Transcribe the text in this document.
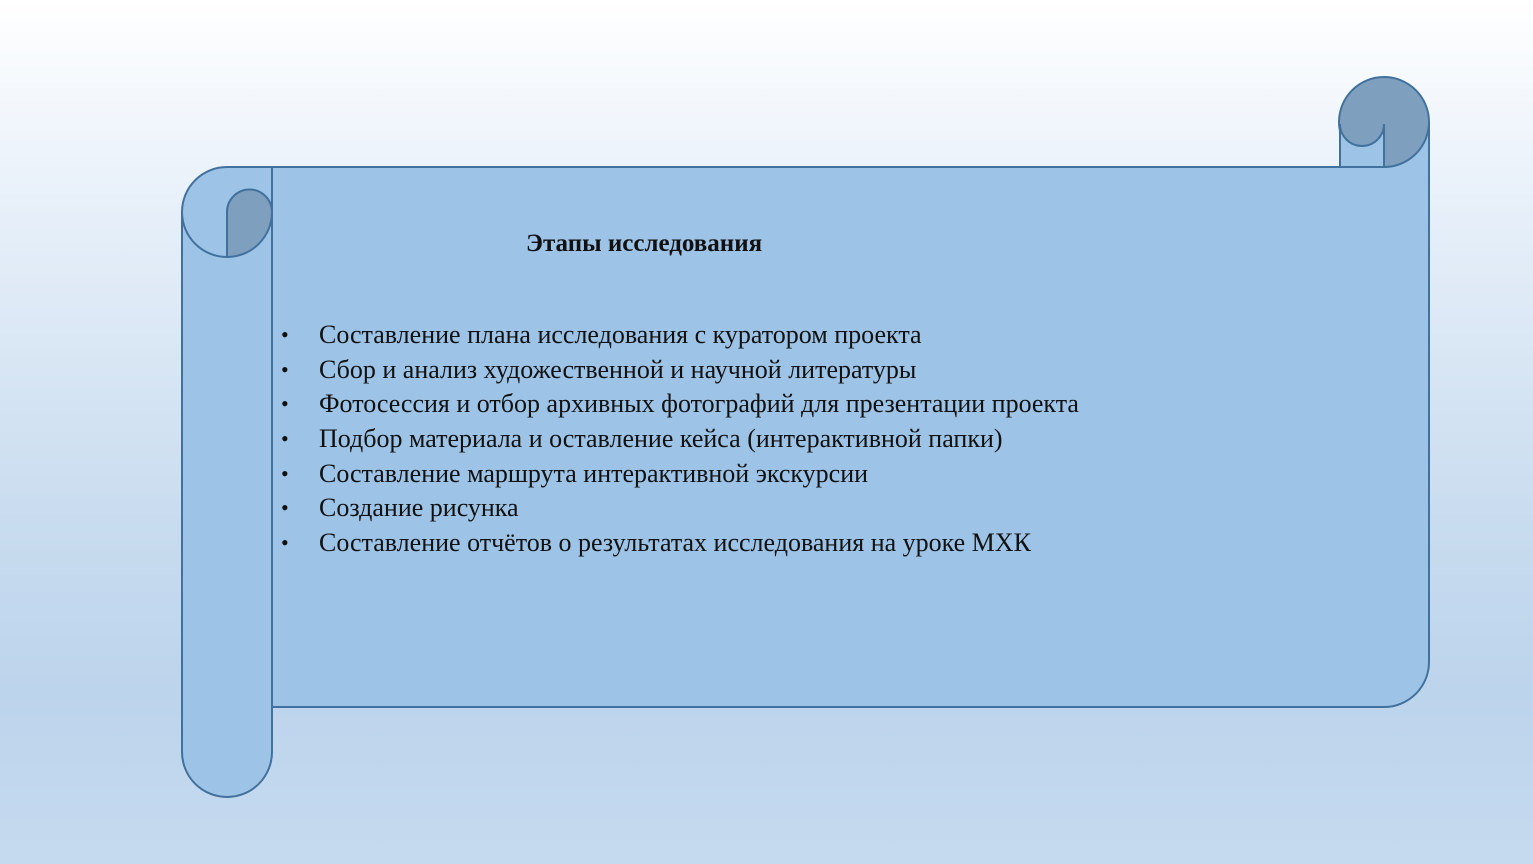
Этапы исследования
• Составление плана исследования с куратором проекта
• Сбор и анализ художественной и научной литературы
• Фотосессия и отбор архивных фотографий для презентации проекта
• Подбор материала и оставление кейса (интерактивной папки)
• Составление маршрута интерактивной экскурсии
• Создание рисунка
• Составление отчётов о результатах исследования на уроке МХК
